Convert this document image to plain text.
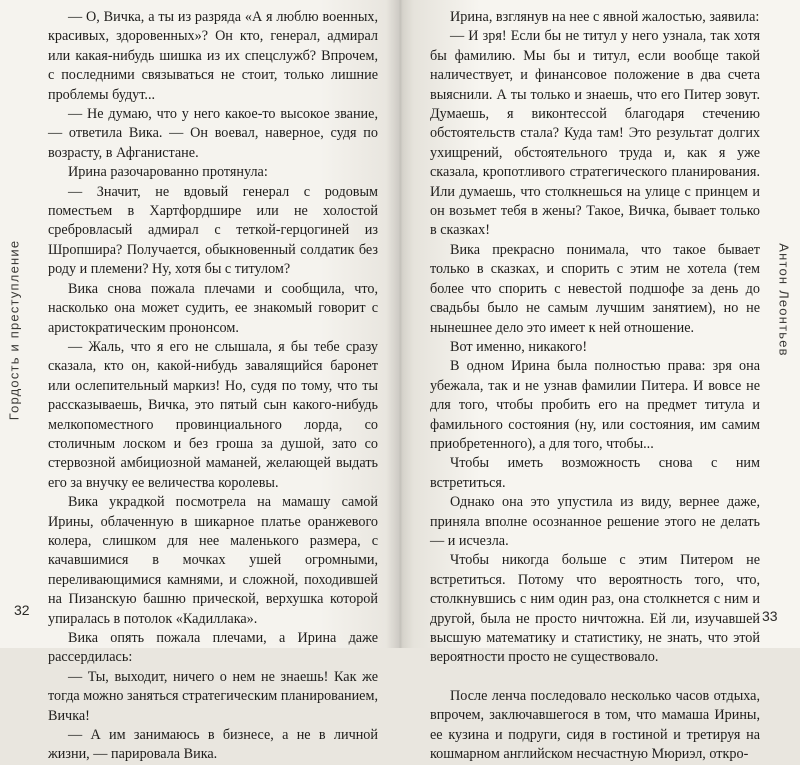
Гордость и преступление

— О, Вичка, а ты из разряда «А я люблю военных, красивых, здоровенных»? Он кто, генерал, адмирал или какая-нибудь шишка из их спецслужб? Впрочем, с последними связываться не стоит, только лишние проблемы будут...

— Не думаю, что у него какое-то высокое звание, — ответила Вика. — Он воевал, наверное, судя по возрасту, в Афганистане.

Ирина разочарованно протянула:

— Значит, не вдовый генерал с родовым поместьем в Хартфордшире или не холостой сребровласый адмирал с теткой-герцогиней из Шропшира? Получается, обыкновенный солдатик без роду и племени? Ну, хотя бы с титулом?

Вика снова пожала плечами и сообщила, что, насколько она может судить, ее знакомый говорит с аристократическим прононсом.

— Жаль, что я его не слышала, я бы тебе сразу сказала, кто он, какой-нибудь завалящийся баронет или ослепительный маркиз! Но, судя по тому, что ты рассказываешь, Вичка, это пятый сын какого-нибудь мелкопоместного провинциального лорда, со столичным лоском и без гроша за душой, зато со стервозной амбициозной маманей, желающей выдать его за внучку ее величества королевы.

Вика украдкой посмотрела на мамашу самой Ирины, облаченную в шикарное платье оранжевого колера, слишком для нее маленького размера, с качавшимися в мочках ушей огромными, переливающимися камнями, и сложной, походившей на Пизанскую башню прической, верхушка которой упиралась в потолок «Кадиллака».

Вика опять пожала плечами, а Ирина даже рассердилась:

— Ты, выходит, ничего о нем не знаешь! Как же тогда можно заняться стратегическим планированием, Вичка!

— А им занимаюсь в бизнесе, а не в личной жизни, — парировала Вика.

32
Антон Леонтьев

Ирина, взглянув на нее с явной жалостью, заявила:

— И зря! Если бы не титул у него узнала, так хотя бы фамилию. Мы бы и титул, если вообще такой наличествует, и финансовое положение в два счета выяснили. А ты только и знаешь, что его Питер зовут. Думаешь, я виконтессой благодаря стечению обстоятельств стала? Куда там! Это результат долгих ухищрений, обстоятельного труда и, как я уже сказала, кропотливого стратегического планирования. Или думаешь, что столкнешься на улице с принцем и он возьмет тебя в жены? Такое, Вичка, бывает только в сказках!

Вика прекрасно понимала, что такое бывает только в сказках, и спорить с этим не хотела (тем более что спорить с невестой подшофе за день до свадьбы было не самым лучшим занятием), но не нынешнее дело это имеет к ней отношение.

Вот именно, никакого!

В одном Ирина была полностью права: зря она убежала, так и не узнав фамилии Питера. И вовсе не для того, чтобы пробить его на предмет титула и фамильного состояния (ну, или состояния, им самим приобретенного), а для того, чтобы...

Чтобы иметь возможность снова с ним встретиться.

Однако она это упустила из виду, вернее даже, приняла вполне осознанное решение этого не делать — и исчезла.

Чтобы никогда больше с этим Питером не встретиться. Потому что вероятность того, что, столкнувшись с ним один раз, она столкнется с ним и другой, была не просто ничтожна. Ей ли, изучавшей высшую математику и статистику, не знать, что этой вероятности просто не существовало.

После ленча последовало несколько часов отдыха, впрочем, заключавшегося в том, что мамаша Ирины, ее кузина и подруги, сидя в гостиной и третируя на кошмарном английском несчастную Мюриэл, откро-

33
